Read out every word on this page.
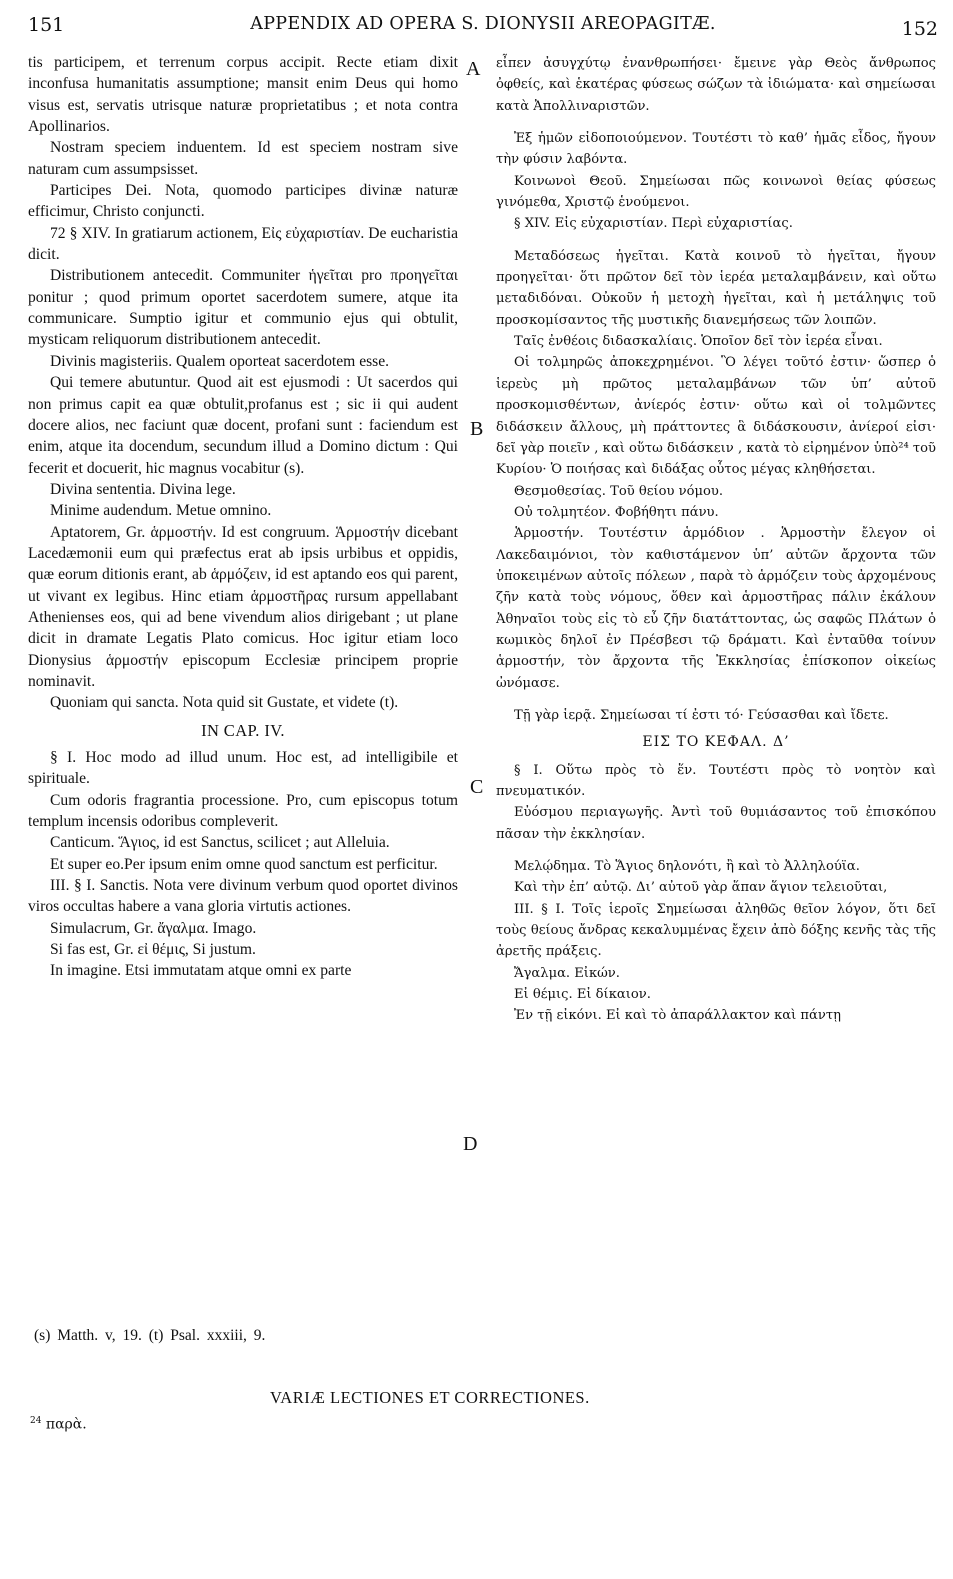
151	APPENDIX AD OPERA S. DIONYSII AREOPAGITÆ.	152

tis participem, et terrenum corpus accipit. Recte etiam dixit inconfusa humanitatis assumptione; mansit enim Deus qui homo visus est, servatis utrisque naturæ proprietatibus ; et nota contra Apollinarios.

Nostram speciem induentem. Id est speciem nostram sive naturam cum assumpsisset.

Participes Dei. Nota, quomodo participes divinæ naturæ efficimur, Christo conjuncti.

72 § XIV. In gratiarum actionem, Εἰς εὐχαριστίαν. De eucharistia dicit.

Distributionem antecedit. Communiter ἡγεῖται pro προηγεῖται ponitur ; quod primum oportet sacerdotem sumere, atque ita communicare. Sumptio igitur et communio ejus qui obtulit, mysticam reliquorum distributionem antecedit.

Divinis magisteriis. Qualem oporteat sacerdotem esse.

Qui temere abutuntur. Quod ait est ejusmodi : Ut sacerdos qui non primus capit ea quæ obtulit,profanus est ; sic ii qui audent docere alios, nec faciunt quæ docent, profani sunt : faciendum est enim, atque ita docendum, secundum illud a Domino dictum : Qui fecerit et docuerit, hic magnus vocabitur (s).

Divina sententia. Divina lege.

Minime audendum. Metue omnino.

Aptatorem, Gr. ἁρμοστήν. Id est congruum. Ἁρμοστήν dicebant Lacedæmonii eum qui præfectus erat ab ipsis urbibus et oppidis, quæ eorum ditionis erant, ab ἁρμόζειν, id est aptando eos qui parent, ut vivant ex legibus. Hinc etiam ἁρμοστῆρας rursum appellabant Athenienses eos, qui ad bene vivendum alios dirigebant ; ut plane dicit in dramate Legatis Plato comicus. Hoc igitur etiam loco Dionysius ἁρμοστήν episcopum Ecclesiæ principem proprie nominavit.

Quoniam qui sancta. Nota quid sit Gustate, et videte (t).

IN CAP. IV.

§ I. Hoc modo ad illud unum. Hoc est, ad intelligibile et spirituale.

Cum odoris fragrantia processione. Pro, cum episcopus totum templum incensis odoribus compleverit.

Canticum. Ἅγιος, id est Sanctus, scilicet ; aut Alleluia.

Et super eo.Per ipsum enim omne quod sanctum est perficitur.

III. § I. Sanctis. Nota vere divinum verbum quod oportet divinos viros occultas habere a vana gloria virtutis actiones.

Simulacrum, Gr. ἄγαλμα. Imago.

Si fas est, Gr. εἰ θέμις, Si justum.

In imagine. Etsi immutatam atque omni ex parte

A
B
C
D

εἶπεν ἀσυγχύτῳ ἐνανθρωπήσει· ἔμεινε γὰρ Θεὸς ἄνθρωπος ὀφθείς, καὶ ἑκατέρας φύσεως σώζων τὰ ἰδιώματα· καὶ σημείωσαι κατὰ Ἀπολλιναριστῶν.

Ἐξ ἡμῶν εἰδοποιούμενον. Τουτέστι τὸ καθ’ ἡμᾶς εἶδος, ἤγουν τὴν φύσιν λαβόντα.

Κοινωνοὶ Θεοῦ. Σημείωσαι πῶς κοινωνοὶ θείας φύσεως γινόμεθα, Χριστῷ ἑνούμενοι.

§ XIV. Εἰς εὐχαριστίαν. Περὶ εὐχαριστίας.

Μεταδόσεως ἡγεῖται. Κατὰ κοινοῦ τὸ ἡγεῖται, ἤγουν προηγεῖται· ὅτι πρῶτον δεῖ τὸν ἱερέα μεταλαμβάνειν, καὶ οὕτω μεταδιδόναι. Οὐκοῦν ἡ μετοχὴ ἡγεῖται, καὶ ἡ μετάληψις τοῦ προσκομίσαντος τῆς μυστικῆς διανεμήσεως τῶν λοιπῶν.

Ταῖς ἐνθέοις διδασκαλίαις. Ὁποῖον δεῖ τὸν ἱερέα εἶναι.

Οἱ τολμηρῶς ἀποκεχρημένοι. Ὃ λέγει τοῦτό ἐστιν· ὥσπερ ὁ ἱερεὺς μὴ πρῶτος μεταλαμβάνων τῶν ὑπ’ αὐτοῦ προσκομισθέντων, ἀνίερός ἐστιν· οὕτω καὶ οἱ τολμῶντες διδάσκειν ἄλλους, μὴ πράττοντες ἃ διδάσκουσιν, ἀνίεροί εἰσι· δεῖ γὰρ ποιεῖν , καὶ οὕτω διδάσκειν , κατὰ τὸ εἰρημένον ὑπὸ²⁴ τοῦ Κυρίου· Ὁ ποιήσας καὶ διδάξας οὗτος μέγας κληθήσεται.

Θεσμοθεσίας. Τοῦ θείου νόμου.

Οὐ τολμητέον. Φοβήθητι πάνυ.

Ἁρμοστήν. Τουτέστιν ἁρμόδιον . Ἁρμοστὴν ἔλεγον οἱ Λακεδαιμόνιοι, τὸν καθιστάμενον ὑπ’ αὐτῶν ἄρχοντα τῶν ὑποκειμένων αὐτοῖς πόλεων , παρὰ τὸ ἁρμόζειν τοὺς ἀρχομένους ζῆν κατὰ τοὺς νόμους, ὅθεν καὶ ἁρμοστῆρας πάλιν ἐκάλουν Ἀθηναῖοι τοὺς εἰς τὸ εὖ ζῆν διατάττοντας, ὡς σαφῶς Πλάτων ὁ κωμικὸς δηλοῖ ἐν Πρέσβεσι τῷ δράματι. Καὶ ἐνταῦθα τοίνυν ἁρμοστήν, τὸν ἄρχοντα τῆς Ἐκκλησίας ἐπίσκοπον οἰκείως ὠνόμασε.

Τῇ γὰρ ἱερᾷ. Σημείωσαι τί ἐστι τό· Γεύσασθαι καὶ ἴδετε.

ΕΙΣ ΤΟ ΚΕΦΑΛ. Δ’

§ I. Οὕτω πρὸς τὸ ἕν. Τουτέστι πρὸς τὸ νοητὸν καὶ πνευματικόν.

Εὐόσμου περιαγωγῆς. Ἀντὶ τοῦ θυμιάσαντος τοῦ ἐπισκόπου πᾶσαν τὴν ἐκκλησίαν.

Μελῴδημα. Τὸ Ἅγιος δηλονότι, ἢ καὶ τὸ Ἀλληλούϊα.

Καὶ τὴν ἐπ’ αὐτῷ. Δι’ αὐτοῦ γὰρ ἅπαν ἅγιον τελειοῦται,

III. § I. Τοῖς ἱεροῖς Σημείωσαι ἀληθῶς θεῖον λόγον, ὅτι δεῖ τοὺς θείους ἄνδρας κεκαλυμμένας ἔχειν ἀπὸ δόξης κενῆς τὰς τῆς ἀρετῆς πράξεις.

Ἄγαλμα. Εἰκών.

Εἰ θέμις. Εἰ δίκαιον.

Ἐν τῇ εἰκόνι. Εἰ καὶ τὸ ἀπαράλλακτον καὶ πάντῃ

(s) Matth. v, 19. (t) Psal. xxxiii, 9.
VARIÆ LECTIONES ET CORRECTIONES.
$^{24}$ παρὰ.
